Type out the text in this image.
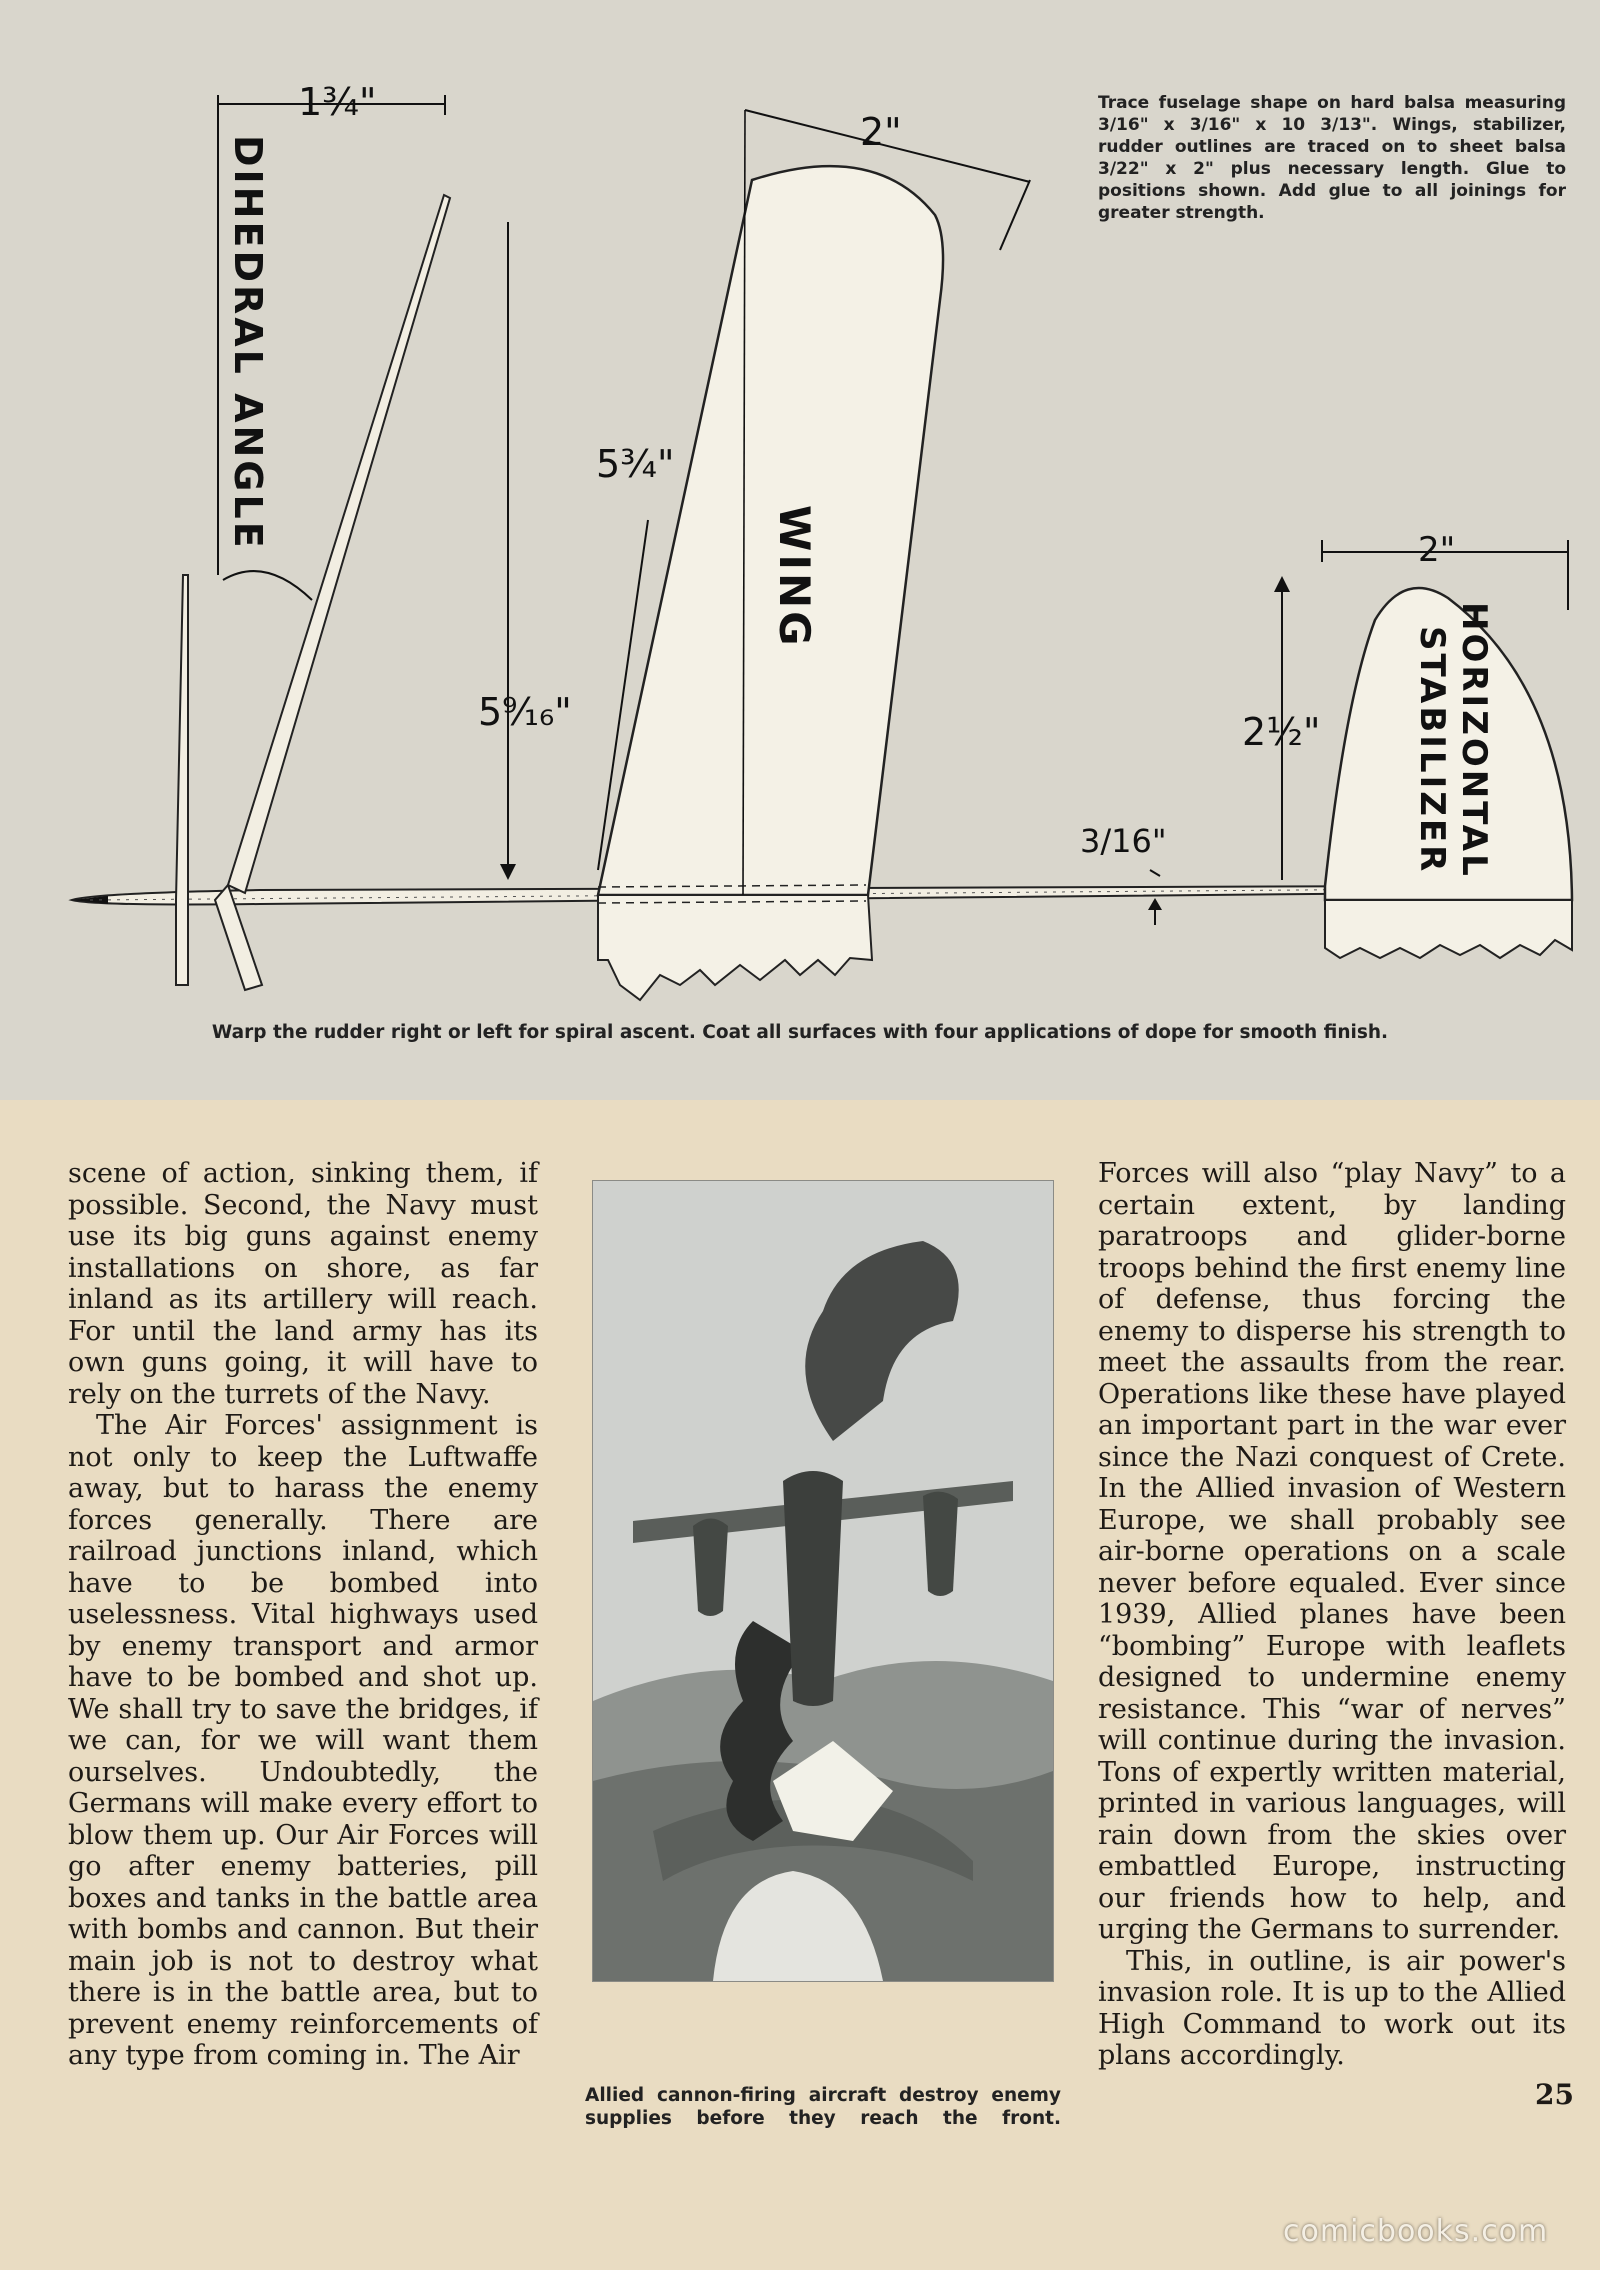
Trace fuselage shape on hard balsa measuring 3/16" x 3/16" x 10 3/13". Wings, stabilizer, rudder outlines are traced on to sheet balsa 3/22" x 2" plus necessary length. Glue to positions shown. Add glue to all joinings for greater strength.
1¾"
DIHEDRAL ANGLE
5⁹⁄₁₆"
2"
5¾"
WING
3/16"
2"
2½"	HORIZONTAL
STABILIZER
Warp the rudder right or left for spiral ascent. Coat all surfaces with four applications of dope for smooth finish.

scene of action, sinking them, if possible. Second, the Navy must use its big guns against enemy installations on shore, as far inland as its artillery will reach. For until the land army has its own guns going, it will have to rely on the turrets of the Navy.

The Air Forces' assignment is not only to keep the Luftwaffe away, but to harass the enemy forces generally. There are railroad junctions inland, which have to be bombed into uselessness. Vital highways used by enemy transport and armor have to be bombed and shot up. We shall try to save the bridges, if we can, for we will want them ourselves. Undoubtedly, the Germans will make every effort to blow them up. Our Air Forces will go after enemy batteries, pill boxes and tanks in the battle area with bombs and cannon. But their main job is not to destroy what there is in the battle area, but to prevent enemy reinforcements of any type from coming in. The Air

Allied cannon-firing aircraft destroy enemy supplies before they reach the front.

Forces will also “play Navy” to a certain extent, by landing paratroops and glider-borne troops behind the first enemy line of defense, thus forcing the enemy to disperse his strength to meet the assaults from the rear. Operations like these have played an important part in the war ever since the Nazi conquest of Crete. In the Allied invasion of Western Europe, we shall probably see air-borne operations on a scale never before equaled. Ever since 1939, Allied planes have been “bombing” Europe with leaflets designed to undermine enemy resistance. This “war of nerves” will continue during the invasion. Tons of expertly written material, printed in various languages, will rain down from the skies over embattled Europe, instructing our friends how to help, and urging the Germans to surrender.

This, in outline, is air power's invasion role. It is up to the Allied High Command to work out its plans accordingly.

25
comicbooks.com
